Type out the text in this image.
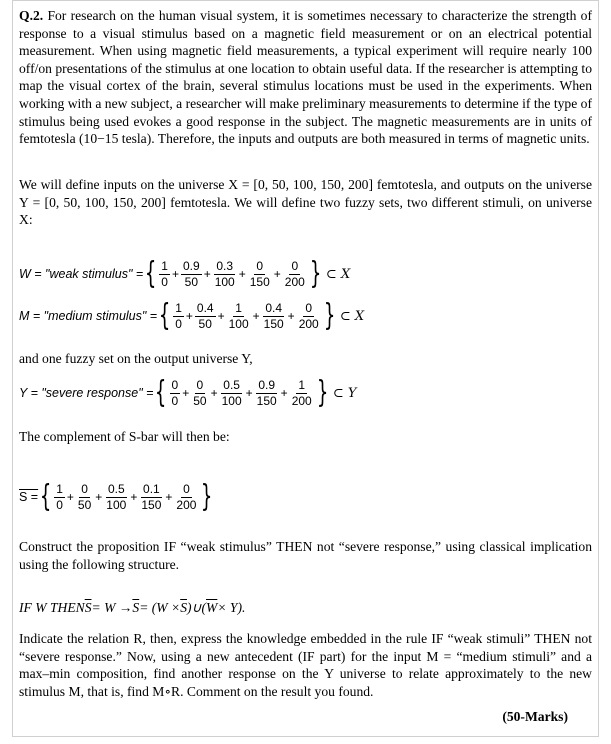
Q.2. For research on the human visual system, it is sometimes necessary to characterize the strength of response to a visual stimulus based on a magnetic field measurement or on an electrical potential measurement. When using magnetic field measurements, a typical experiment will require nearly 100 off/on presentations of the stimulus at one location to obtain useful data. If the researcher is attempting to map the visual cortex of the brain, several stimulus locations must be used in the experiments. When working with a new subject, a researcher will make preliminary measurements to determine if the type of stimulus being used evokes a good response in the subject. The magnetic measurements are in units of femtotesla (10−15 tesla). Therefore, the inputs and outputs are both measured in terms of magnetic units.

We will define inputs on the universe X = [0, 50, 100, 150, 200] femtotesla, and outputs on the universe Y = [0, 50, 100, 150, 200] femtotesla. We will define two fuzzy sets, two different stimuli, on universe X:

W = "weak stimulus" = { $\frac{1}{0} + \frac{0.9}{50} + \frac{0.3}{100} + \frac{0}{150} + \frac{0}{200}$ } ⊂ X
M = "medium stimulus" = { $\frac{1}{0} + \frac{0.4}{50} + \frac{1}{100} + \frac{0.4}{150} + \frac{0}{200}$ } ⊂ X

and one fuzzy set on the output universe Y,

Y = "severe response" = { $\frac{0}{0} + \frac{0}{50} + \frac{0.5}{100} + \frac{0.9}{150} + \frac{1}{200}$ } ⊂ Y

The complement of S-bar will then be:

S = { $\frac{1}{0} + \frac{0}{50} + \frac{0.5}{100} + \frac{0.1}{150} + \frac{0}{200}$ }

Construct the proposition IF “weak stimulus” THEN not “severe response,” using classical implication using the following structure.

IF W THEN $\overline{S} = W \to \overline{S} = (W \times \overline{S}$ )∪( $\overline{W} \times Y$).

Indicate the relation R, then, express the knowledge embedded in the rule IF “weak stimuli” THEN not “severe response.” Now, using a new antecedent (IF part) for the input M = “medium stimuli” and a max–min composition, find another response on the Y universe to relate approximately to the new stimulus M, that is, find M∘R. Comment on the result you found.

(50-Marks)
